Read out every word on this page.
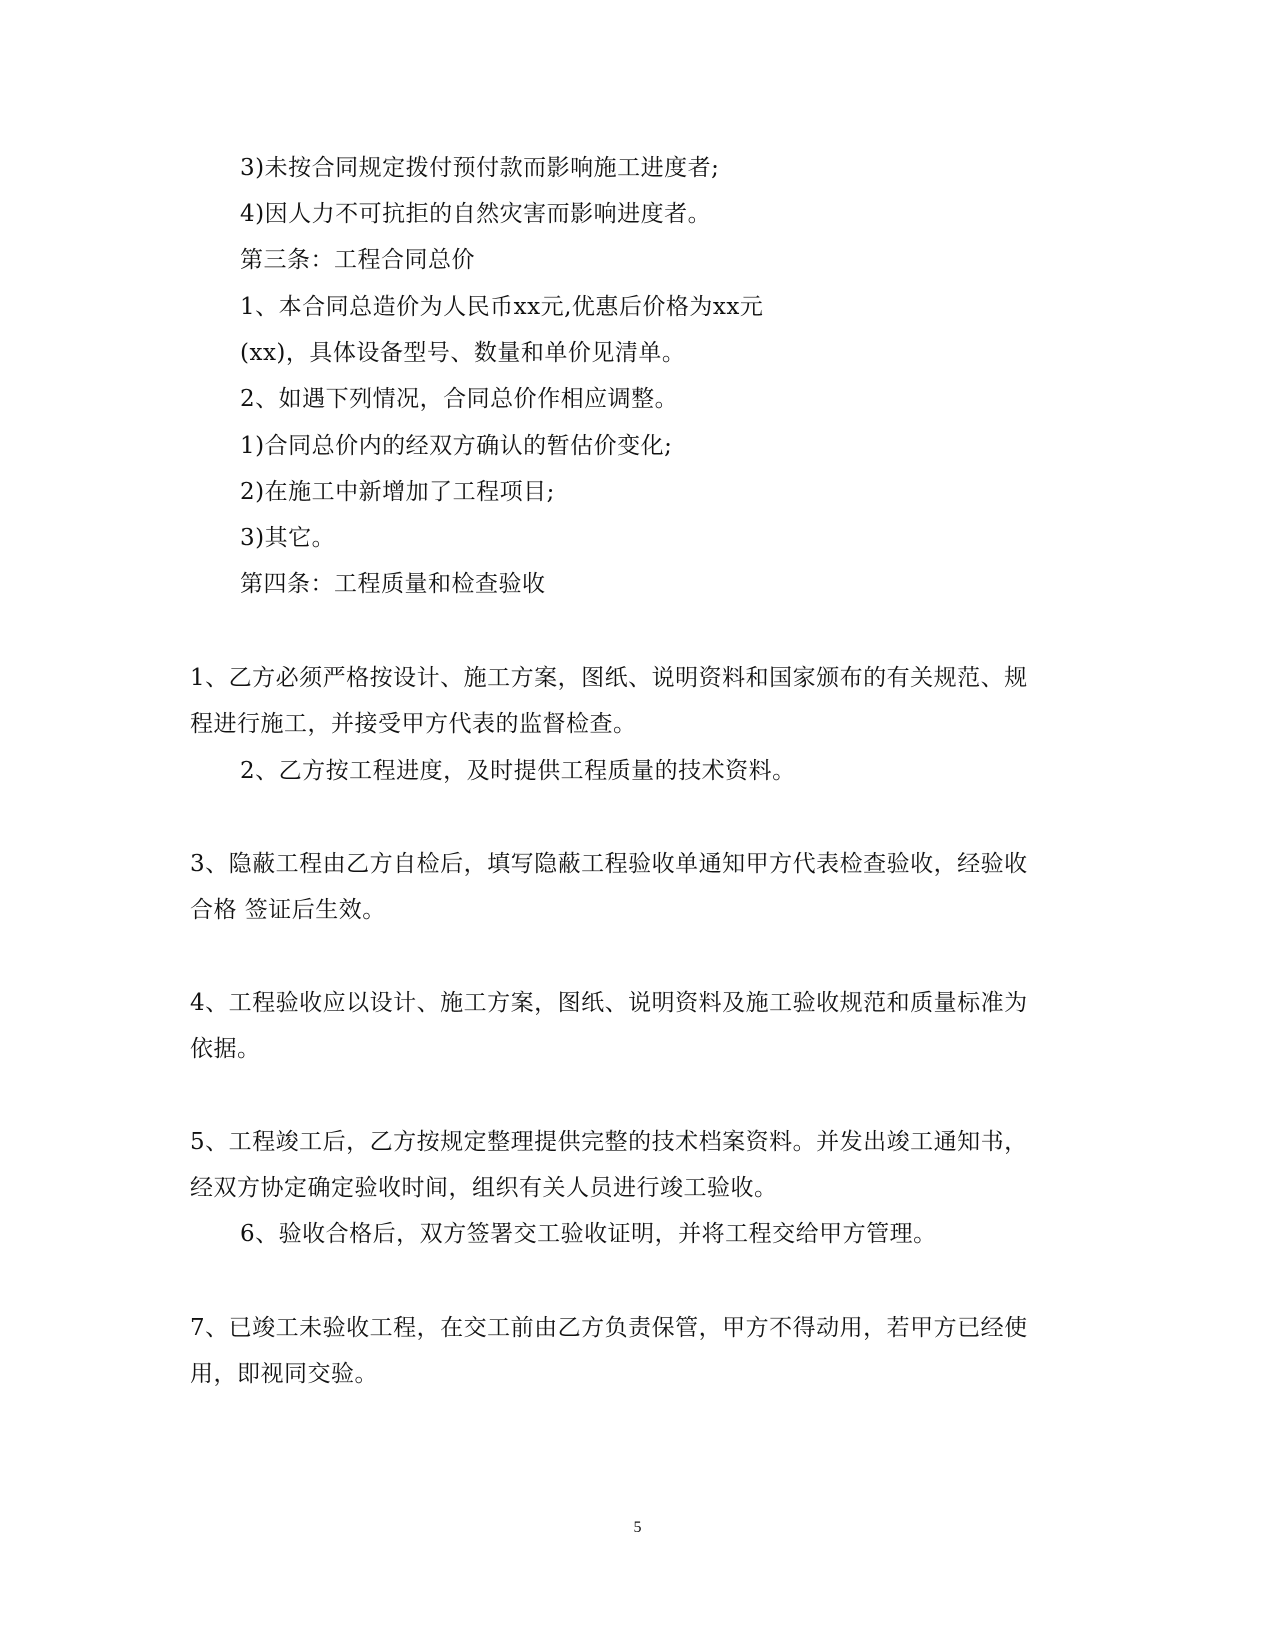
3)未按合同规定拨付预付款而影响施工进度者;
4)因人力不可抗拒的自然灾害而影响进度者。
第三条：工程合同总价
1、本合同总造价为人民币xx元,优惠后价格为xx元
(xx)，具体设备型号、数量和单价见清单。
2、如遇下列情况，合同总价作相应调整。
1)合同总价内的经双方确认的暂估价变化;
2)在施工中新增加了工程项目;
3)其它。
第四条：工程质量和检查验收
1、乙方必须严格按设计、施工方案，图纸、说明资料和国家颁布的有关规范、规
程进行施工，并接受甲方代表的监督检查。
2、乙方按工程进度，及时提供工程质量的技术资料。
3、隐蔽工程由乙方自检后，填写隐蔽工程验收单通知甲方代表检查验收，经验收
合格 签证后生效。
4、工程验收应以设计、施工方案，图纸、说明资料及施工验收规范和质量标准为
依据。
5、工程竣工后，乙方按规定整理提供完整的技术档案资料。并发出竣工通知书，
经双方协定确定验收时间，组织有关人员进行竣工验收。
6、验收合格后，双方签署交工验收证明，并将工程交给甲方管理。
7、已竣工未验收工程，在交工前由乙方负责保管，甲方不得动用，若甲方已经使
用，即视同交验。
5
